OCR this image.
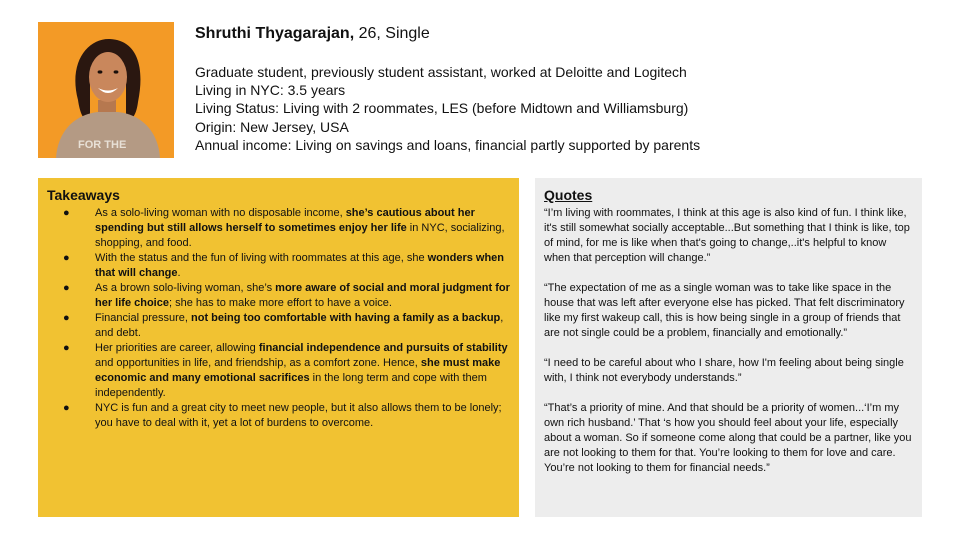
FOR THE
Shruthi Thyagarajan, 26, Single
Graduate student, previously student assistant, worked at Deloitte and Logitech
Living in NYC: 3.5 years
Living Status: Living with 2 roommates, LES (before Midtown and Williamsburg)
Origin: New Jersey, USA
Annual income: Living on savings and loans, financial partly supported by parents
Takeaways
● As a solo-living woman with no disposable income, she’s cautious about her spending but still allows herself to sometimes enjoy her life in NYC, socializing, shopping, and food.
● With the status and the fun of living with roommates at this age, she wonders when that will change.
● As a brown solo-living woman, she’s more aware of social and moral judgment for her life choice; she has to make more effort to have a voice.
● Financial pressure, not being too comfortable with having a family as a backup, and debt.
● Her priorities are career, allowing financial independence and pursuits of stability and opportunities in life, and friendship, as a comfort zone. Hence, she must make economic and many emotional sacrifices in the long term and cope with them independently.
● NYC is fun and a great city to meet new people, but it also allows them to be lonely; you have to deal with it, yet a lot of burdens to overcome.
Quotes

“I’m living with roommates, I think at this age is also kind of fun. I think like, it's still somewhat socially acceptable...But something that I think is like, top of mind, for me is like when that's going to change,..it's helpful to know when that perception will change.”

“The expectation of me as a single woman was to take like space in the house that was left after everyone else has picked. That felt discriminatory like my first wakeup call, this is how being single in a group of friends that are not single could be a problem, financially and emotionally.”

“I need to be careful about who I share, how I'm feeling about being single with, I think not everybody understands.”

“That’s a priority of mine. And that should be a priority of women...‘I’m my own rich husband.’ That ‘s how you should feel about your life, especially about a woman. So if someone come along that could be a partner, like you are not looking to them for that. You’re looking to them for love and care. You’re not looking to them for financial needs.”
